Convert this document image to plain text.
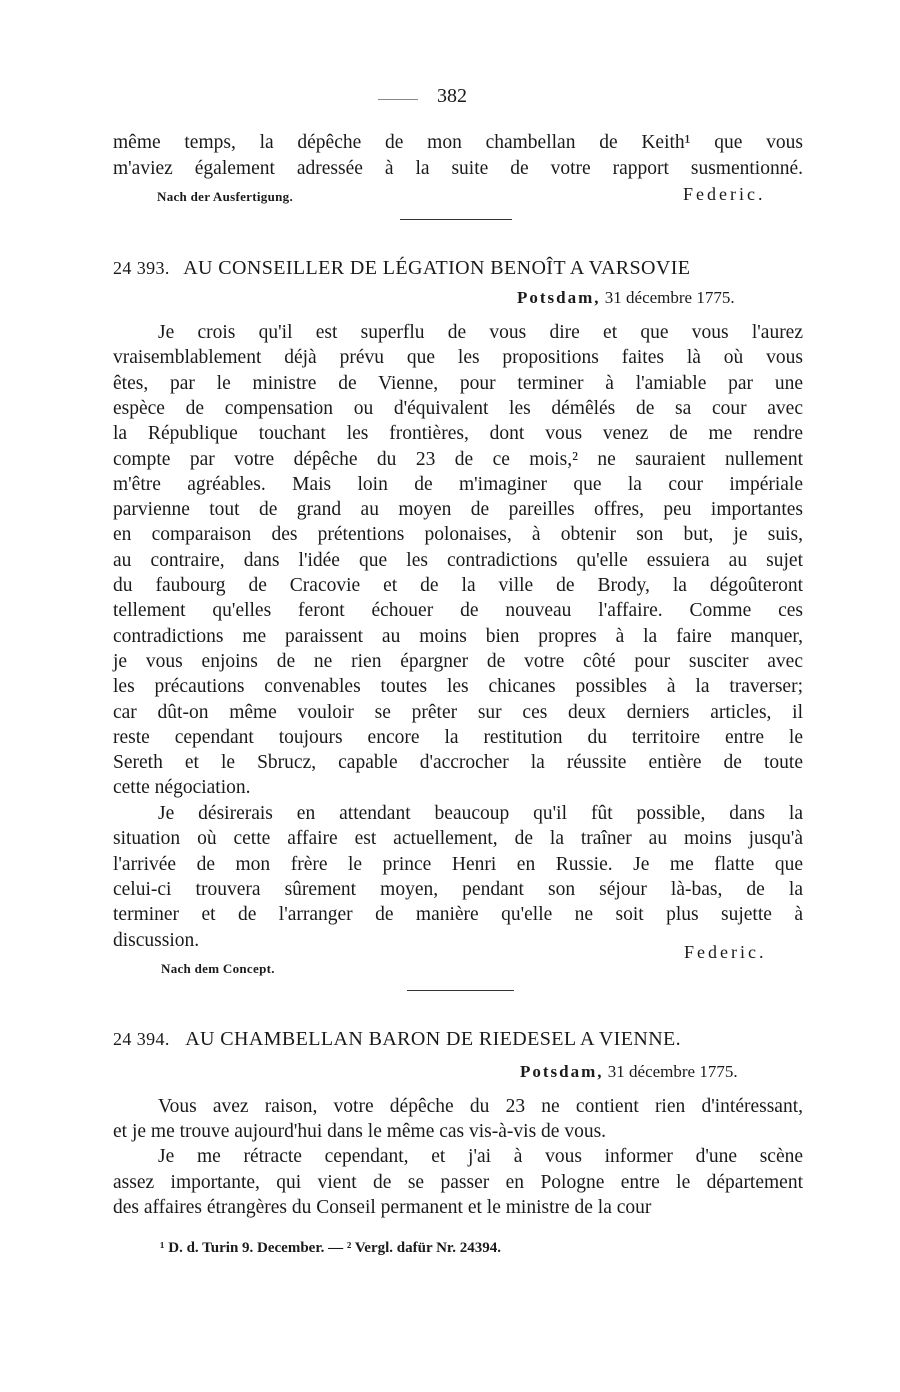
382
même temps, la dépêche de mon chambellan de Keith¹ que vous
m'aviez également adressée à la suite de votre rapport susmentionné.
Nach der Ausfertigung.	Federic.
24 393. AU CONSEILLER DE LÉGATION BENOÎT A VARSOVIE
Potsdam, 31 décembre 1775.
Je crois qu'il est superflu de vous dire et que vous l'aurez
vraisemblablement déjà prévu que les propositions faites là où vous
êtes, par le ministre de Vienne, pour terminer à l'amiable par une
espèce de compensation ou d'équivalent les démêlés de sa cour avec
la République touchant les frontières, dont vous venez de me rendre
compte par votre dépêche du 23 de ce mois,² ne sauraient nullement
m'être agréables. Mais loin de m'imaginer que la cour impériale
parvienne tout de grand au moyen de pareilles offres, peu importantes
en comparaison des prétentions polonaises, à obtenir son but, je suis,
au contraire, dans l'idée que les contradictions qu'elle essuiera au sujet
du faubourg de Cracovie et de la ville de Brody, la dégoûteront
tellement qu'elles feront échouer de nouveau l'affaire. Comme ces
contradictions me paraissent au moins bien propres à la faire manquer,
je vous enjoins de ne rien épargner de votre côté pour susciter avec
les précautions convenables toutes les chicanes possibles à la traverser;
car dût-on même vouloir se prêter sur ces deux derniers articles, il
reste cependant toujours encore la restitution du territoire entre le
Sereth et le Sbrucz, capable d'accrocher la réussite entière de toute
cette négociation.
Je désirerais en attendant beaucoup qu'il fût possible, dans la
situation où cette affaire est actuellement, de la traîner au moins jusqu'à
l'arrivée de mon frère le prince Henri en Russie. Je me flatte que
celui-ci trouvera sûrement moyen, pendant son séjour là-bas, de la
terminer et de l'arranger de manière qu'elle ne soit plus sujette à
discussion.
Federic.
Nach dem Concept.
24 394. AU CHAMBELLAN BARON DE RIEDESEL A VIENNE.
Potsdam, 31 décembre 1775.
Vous avez raison, votre dépêche du 23 ne contient rien d'intéressant,
et je me trouve aujourd'hui dans le même cas vis-à-vis de vous.
Je me rétracte cependant, et j'ai à vous informer d'une scène
assez importante, qui vient de se passer en Pologne entre le département
des affaires étrangères du Conseil permanent et le ministre de la cour
¹ D. d. Turin 9. December. — ² Vergl. dafür Nr. 24394.
